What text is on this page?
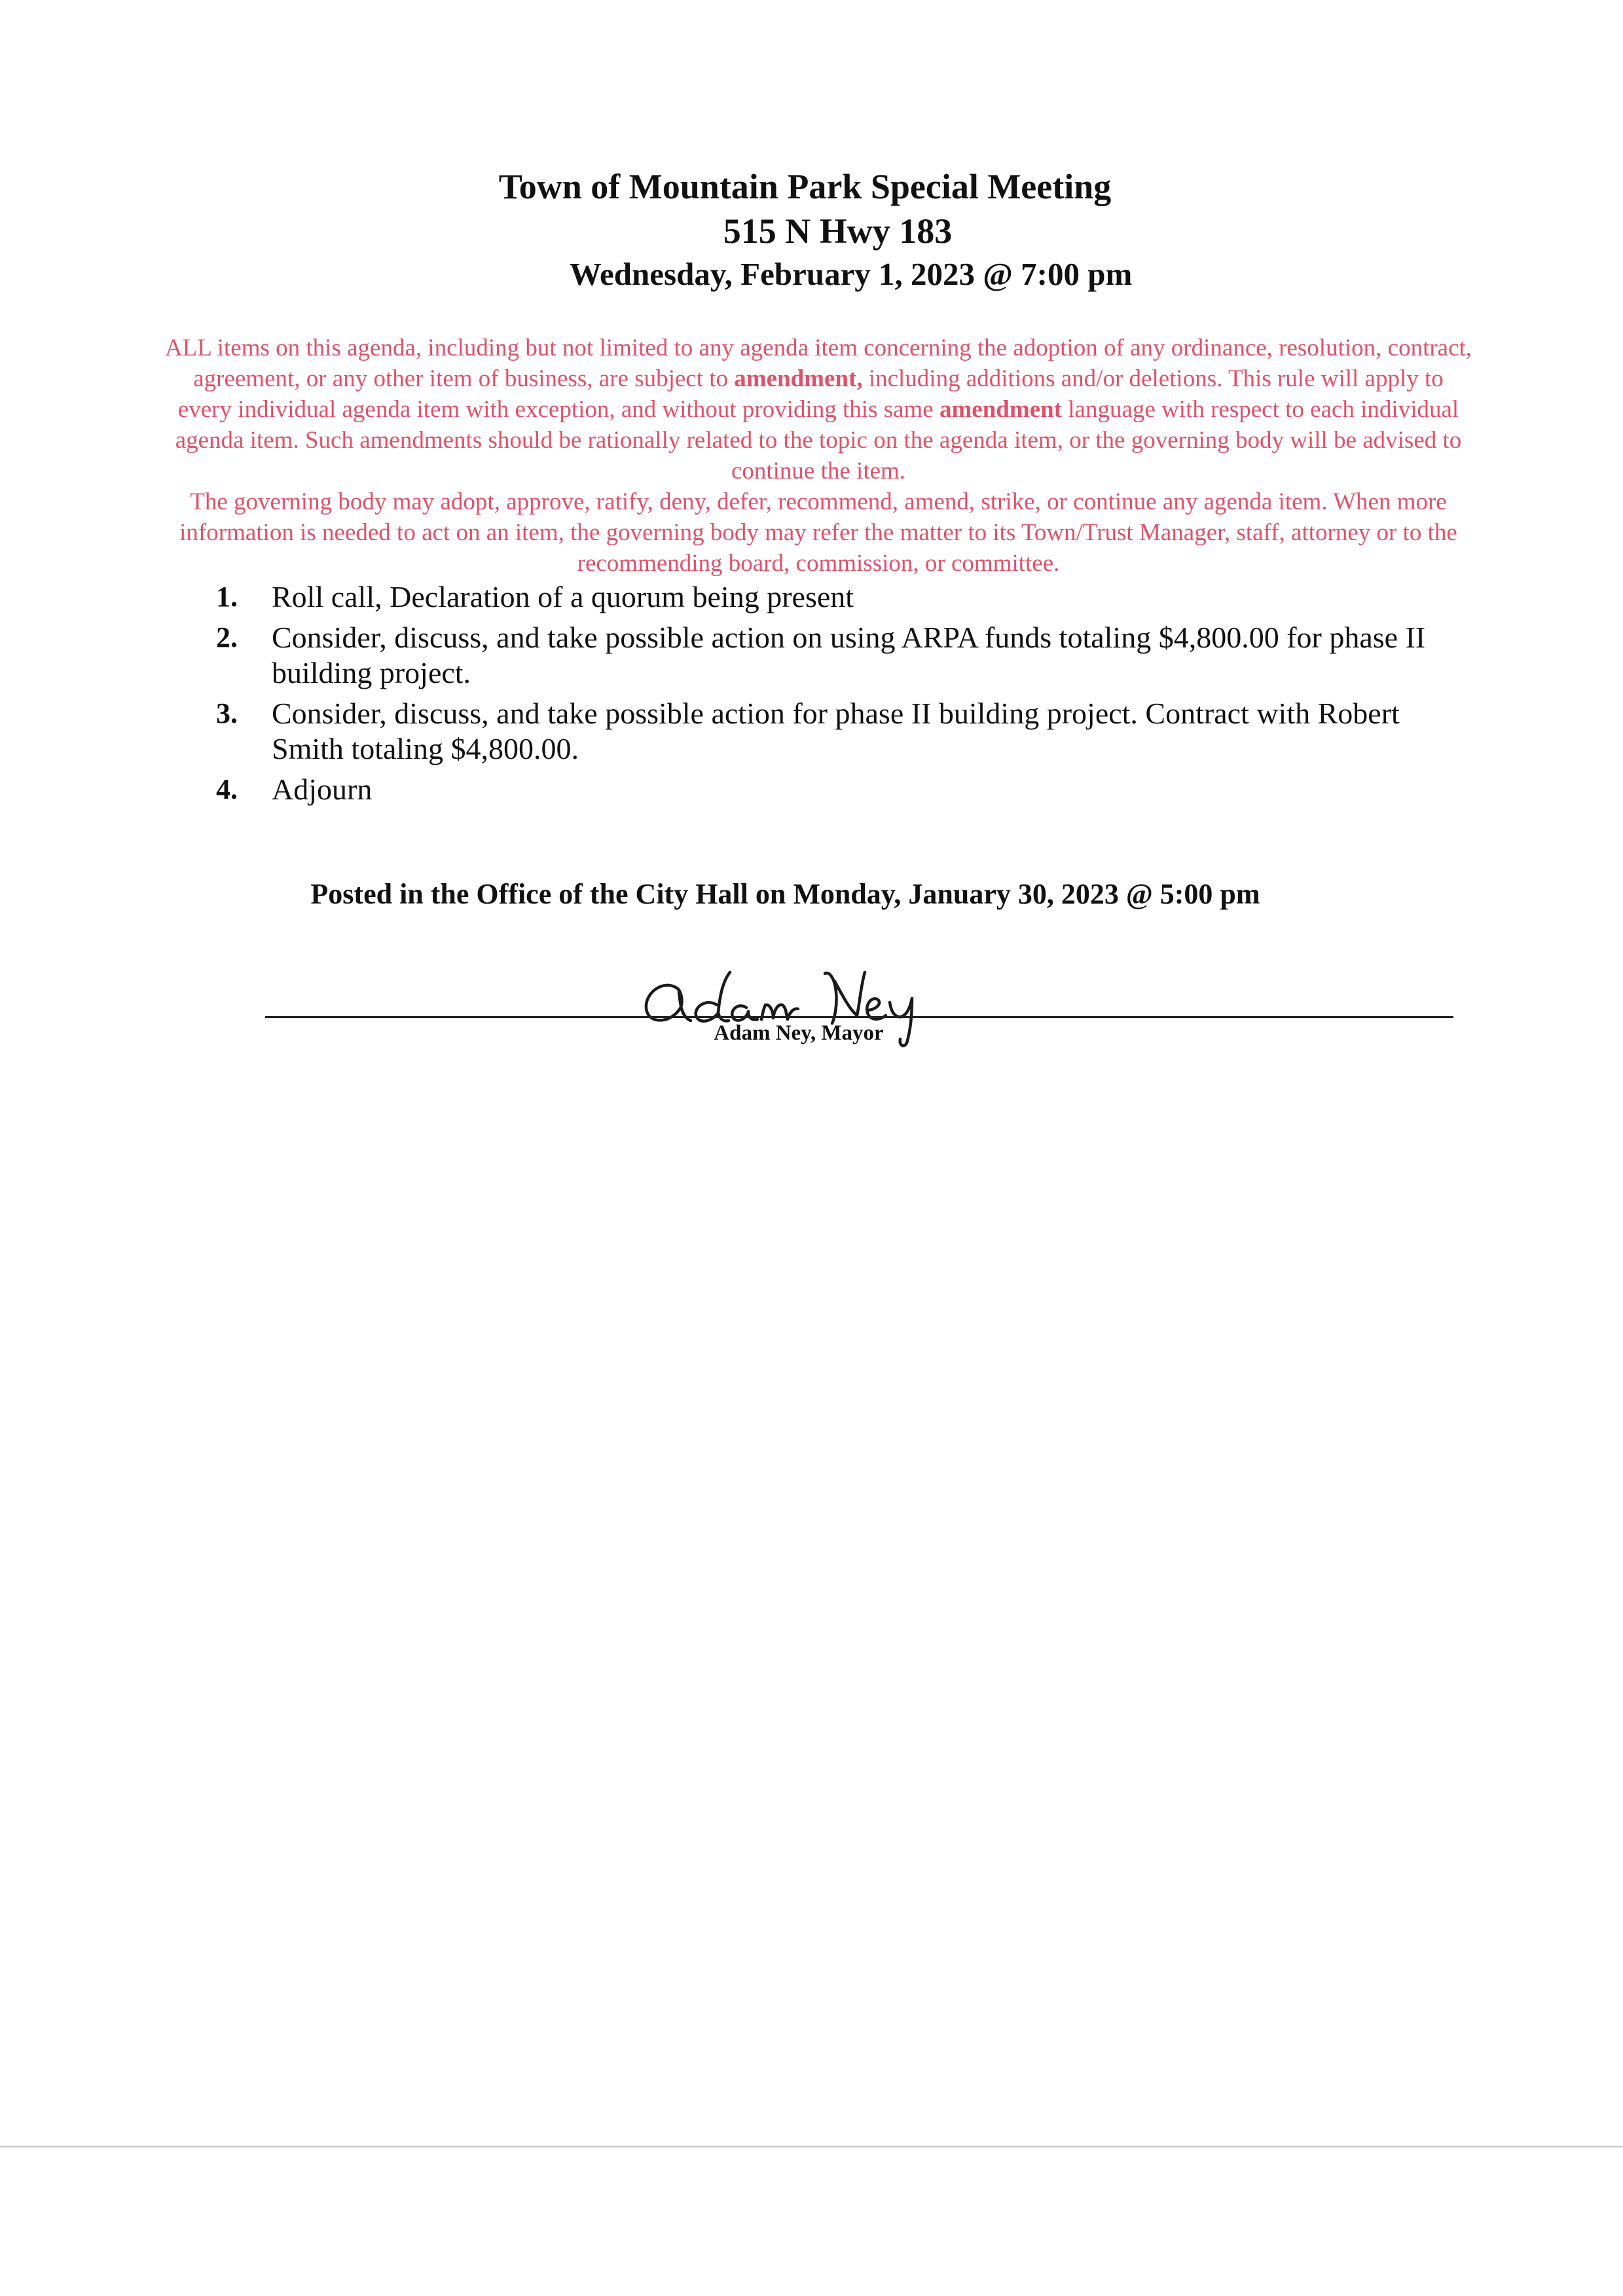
Town of Mountain Park Special Meeting
515 N Hwy 183
Wednesday, February 1, 2023 @ 7:00 pm

ALL items on this agenda, including but not limited to any agenda item concerning the adoption of any ordinance, resolution, contract, agreement, or any other item of business, are subject to amendment, including additions and/or deletions. This rule will apply to every individual agenda item with exception, and without providing this same amendment language with respect to each individual agenda item. Such amendments should be rationally related to the topic on the agenda item, or the governing body will be advised to continue the item.

The governing body may adopt, approve, ratify, deny, defer, recommend, amend, strike, or continue any agenda item. When more information is needed to act on an item, the governing body may refer the matter to its Town/Trust Manager, staff, attorney or to the recommending board, commission, or committee.

1.	Roll call, Declaration of a quorum being present
2.	Consider, discuss, and take possible action on using ARPA funds totaling $4,800.00 for phase II building project.
3.	Consider, discuss, and take possible action for phase II building project. Contract with Robert Smith totaling $4,800.00.
4.	Adjourn

Posted in the Office of the City Hall on Monday, January 30, 2023 @ 5:00 pm

Adam Ney, Mayor
